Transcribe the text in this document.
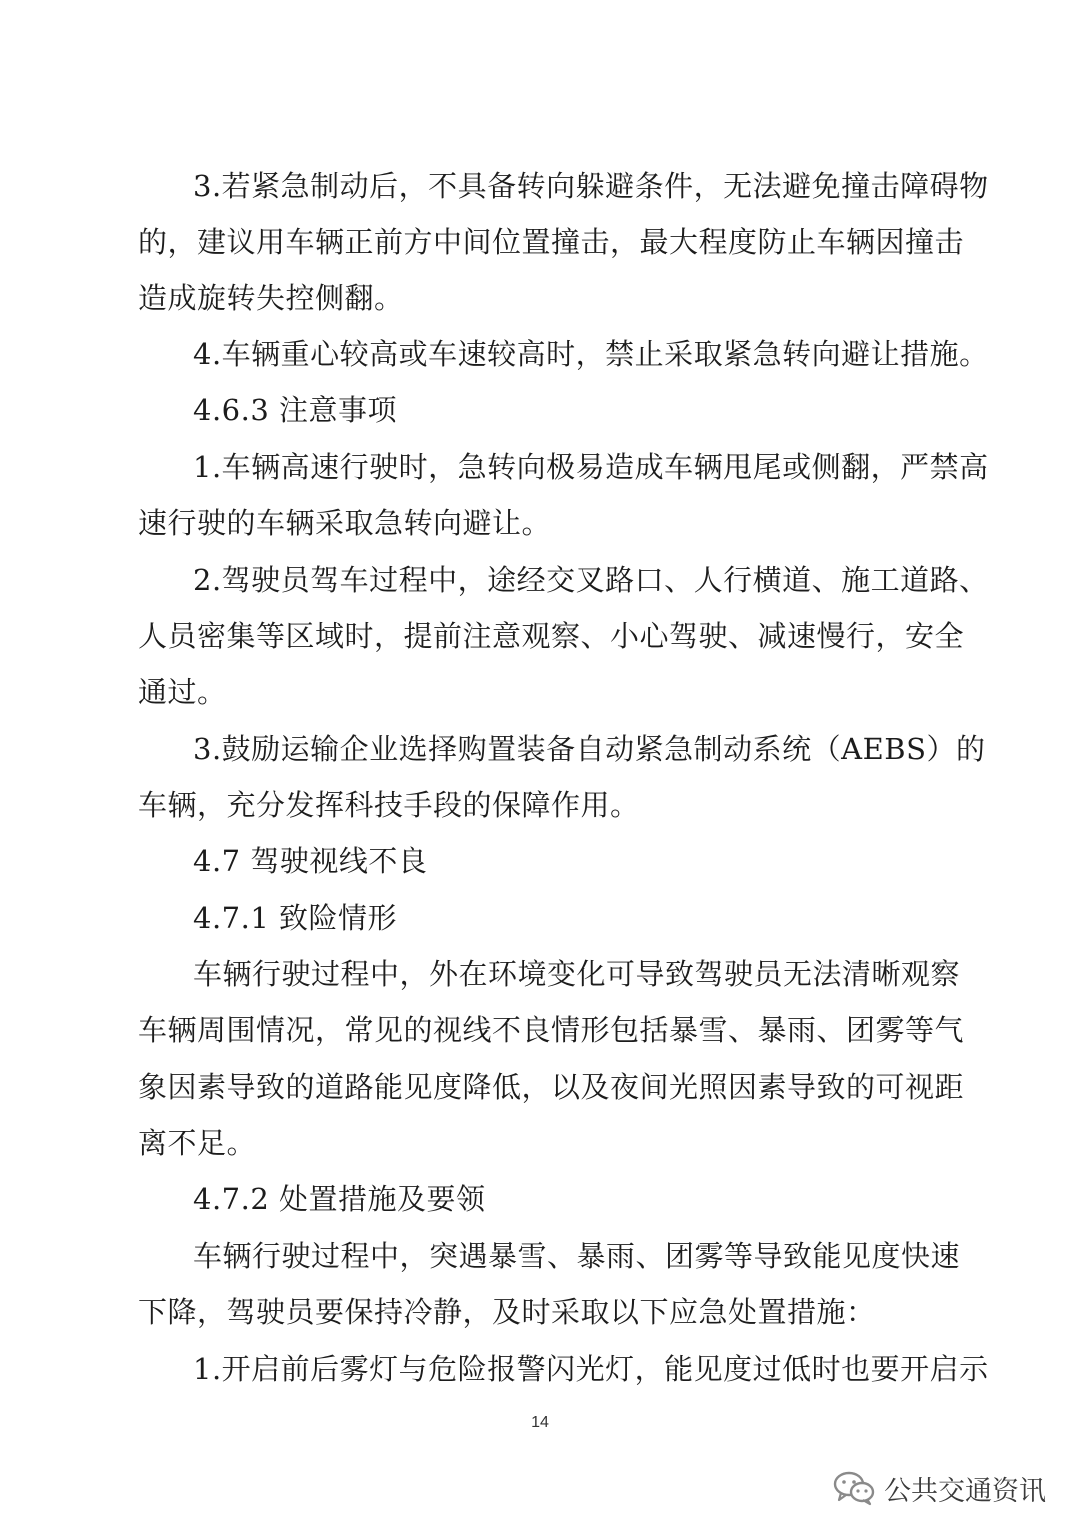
3.若紧急制动后，不具备转向躲避条件，无法避免撞击障碍物
的，建议用车辆正前方中间位置撞击，最大程度防止车辆因撞击
造成旋转失控侧翻。
4.车辆重心较高或车速较高时，禁止采取紧急转向避让措施。
4.6.3 注意事项
1.车辆高速行驶时，急转向极易造成车辆甩尾或侧翻，严禁高
速行驶的车辆采取急转向避让。
2.驾驶员驾车过程中，途经交叉路口、人行横道、施工道路、
人员密集等区域时，提前注意观察、小心驾驶、减速慢行，安全
通过。
3.鼓励运输企业选择购置装备自动紧急制动系统（AEBS）的
车辆，充分发挥科技手段的保障作用。
4.7 驾驶视线不良
4.7.1 致险情形
车辆行驶过程中，外在环境变化可导致驾驶员无法清晰观察
车辆周围情况，常见的视线不良情形包括暴雪、暴雨、团雾等气
象因素导致的道路能见度降低，以及夜间光照因素导致的可视距
离不足。
4.7.2 处置措施及要领
车辆行驶过程中，突遇暴雪、暴雨、团雾等导致能见度快速
下降，驾驶员要保持冷静，及时采取以下应急处置措施：
1.开启前后雾灯与危险报警闪光灯，能见度过低时也要开启示
14
公共交通资讯
